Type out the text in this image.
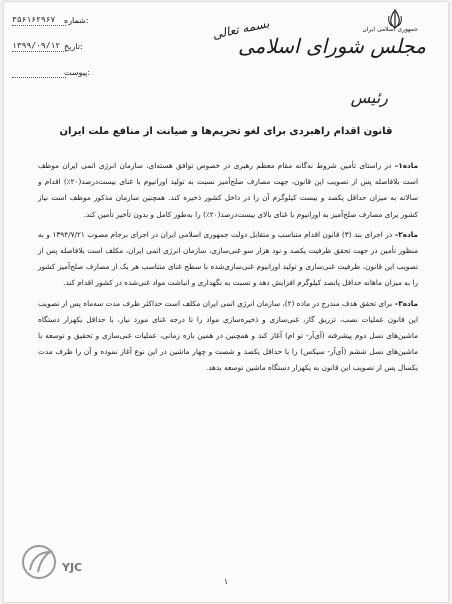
:شماره
۳۵۶۱۶۲۹۶۷
:تاریخ
۱۳۹۹/۰۹/۱۲
:پیوست
بسمه تعالی	جمهوری اسلامی ایران
مجلس شورای اسلامی
رئیس
قانون اقدام راهبردی برای لغو تحریم‌ها و صیانت از منافع ملت ایران

ماده۱– در راستای تأمین شروط نه‌گانه مقام معظم رهبری در خصوص توافق هسته‌ای، سازمان انرژی اتمی ایران موظف است بلافاصله پس از تصویب این قانون، جهت مصارف صلح‌آمیز نسبت به تولید اورانیوم با غنای بیست‌درصد(۲۰٪) اقدام و سالانه به میزان حداقل یکصد و بیست کیلوگرم آن را در داخل کشور ذخیره کند. همچنین سازمان مذکور موظف است نیاز کشور برای مصارف صلح‌آمیز به اورانیوم با غنای بالای بیست‌درصد(۲۰٪) را به‌طور کامل و بدون تأخیر تأمین کند.

ماده۲– در اجرای بند (۳) قانون اقدام متناسب و متقابل دولت جمهوری اسلامی ایران در اجرای برجام مصوب ۱۳۹۴/۷/۲۱ و به منظور تأمین در جهت تحقق ظرفیت یکصد و نود هزار سو غنی‌سازی، سازمان انرژی اتمی ایران، مکلف است بلافاصله پس از تصویب این قانون، ظرفیت غنی‌سازی و تولید اورانیوم غنی‌سازی‌شده با سطح غنای متناسب هر یک از مصارف صلح‌آمیز کشور را به میزان ماهانه حداقل پانصد کیلوگرم افزایش دهد و نسبت به نگهداری و انباشت مواد غنی‌شده در کشور اقدام کند.

ماده۳– برای تحقق هدف مندرج در ماده (۲)، سازمان انرژی اتمی ایران مکلف است حداکثر ظرف مدت سه‌ماه پس از تصویب این قانون عملیات نصب، تزریق گاز، غنی‌سازی و ذخیره‌سازی مواد را تا درجه غنای مورد نیاز، با حداقل یکهزار دستگاه ماشین‌های نسل دوم پیشرفته (آی‌آر- تو ام) آغاز کند و همچنین در همین بازه زمانی، عملیات غنی‌سازی و تحقیق و توسعه با ماشین‌های نسل ششم (آی‌آر- سیکس) را با حداقل یکصد و شصت و چهار ماشین در این نوع آغاز نموده و آن را ظرف مدت یکسال پس از تصویب این قانون به یکهزار دستگاه ماشین توسعه بدهد.

YJC
۱
